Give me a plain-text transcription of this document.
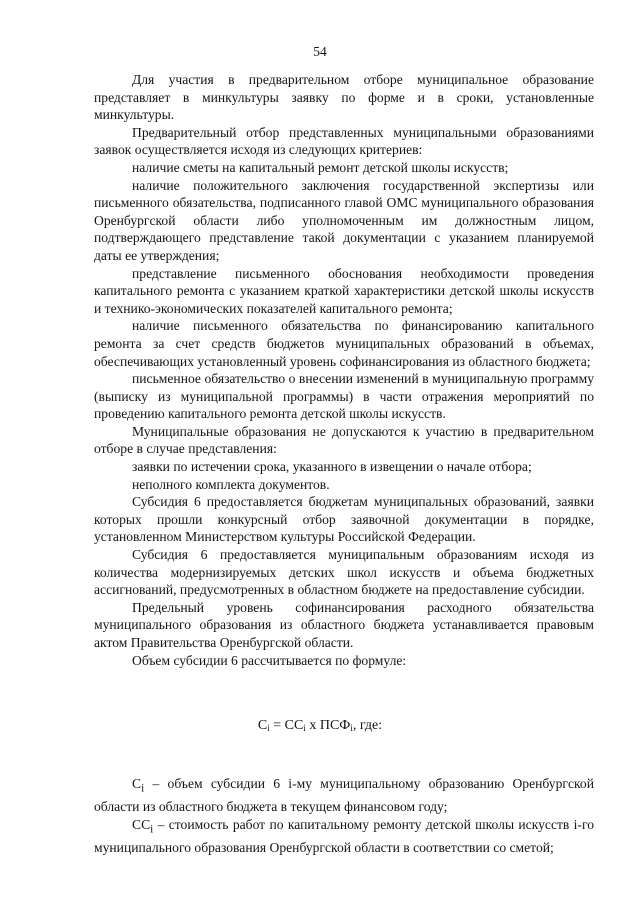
54

Для участия в предварительном отборе муниципальное образование представляет в минкультуры заявку по форме и в сроки, установленные минкультуры.

Предварительный отбор представленных муниципальными образованиями заявок осуществляется исходя из следующих критериев:

наличие сметы на капитальный ремонт детской школы искусств;

наличие положительного заключения государственной экспертизы или письменного обязательства, подписанного главой ОМС муниципального образования Оренбургской области либо уполномоченным им должностным лицом, подтверждающего представление такой документации с указанием планируемой даты ее утверждения;

представление письменного обоснования необходимости проведения капитального ремонта с указанием краткой характеристики детской школы искусств и технико-экономических показателей капитального ремонта;

наличие письменного обязательства по финансированию капитального ремонта за счет средств бюджетов муниципальных образований в объемах, обеспечивающих установленный уровень софинансирования из областного бюджета;

письменное обязательство о внесении изменений в муниципальную программу (выписку из муниципальной программы) в части отражения мероприятий по проведению капитального ремонта детской школы искусств.

Муниципальные образования не допускаются к участию в предварительном отборе в случае представления:

заявки по истечении срока, указанного в извещении о начале отбора;

неполного комплекта документов.

Субсидия 6 предоставляется бюджетам муниципальных образований, заявки которых прошли конкурсный отбор заявочной документации в порядке, установленном Министерством культуры Российской Федерации.

Субсидия 6 предоставляется муниципальным образованиям исходя из количества модернизируемых детских школ искусств и объема бюджетных ассигнований, предусмотренных в областном бюджете на предоставление субсидии.

Предельный уровень софинансирования расходного обязательства муниципального образования из областного бюджета устанавливается правовым актом Правительства Оренбургской области.

Объем субсидии 6 рассчитывается по формуле:

$C_i = CC_i$ х $ПСФ_i$, где:

$C_i$ – объем субсидии 6 i-му муниципальному образованию Оренбургской области из областного бюджета в текущем финансовом году;

$CC_i$ – стоимость работ по капитальному ремонту детской школы искусств i-го муниципального образования Оренбургской области в соответствии со сметой;
